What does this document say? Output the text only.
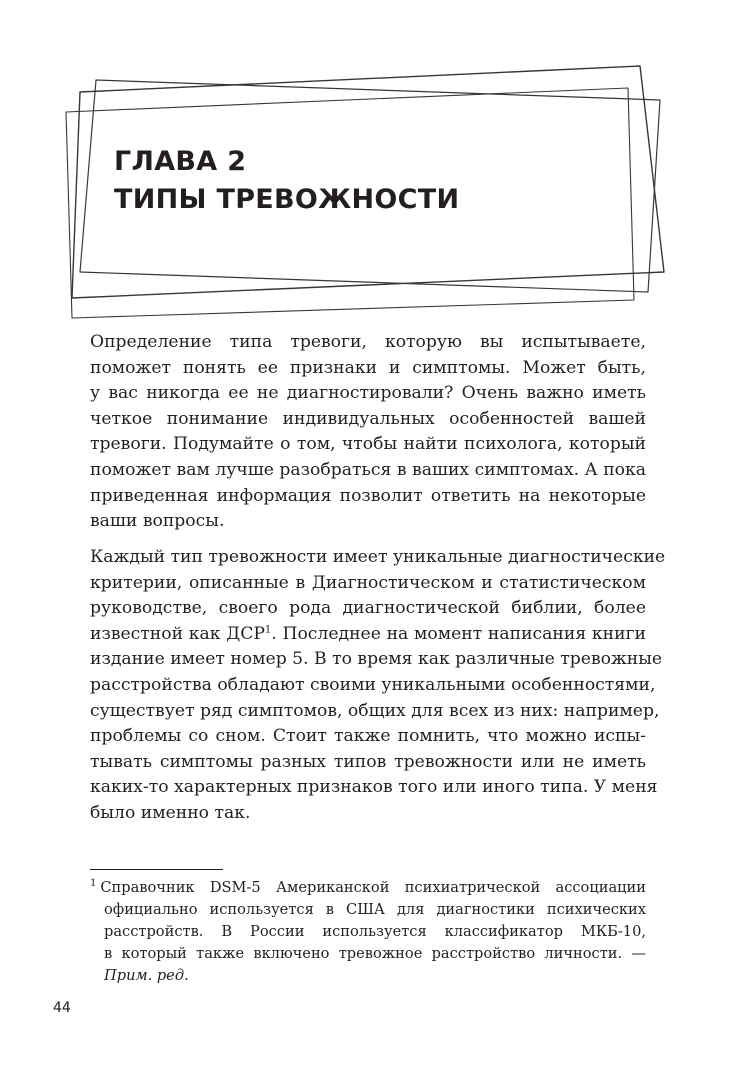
ГЛАВА 2
ТИПЫ ТРЕВОЖНОСТИ
Определение типа тревоги, которую вы испытываете,
поможет понять ее признаки и симптомы. Может быть,
у вас никогда ее не диагностировали? Очень важно иметь
четкое понимание индивидуальных особенностей вашей
тревоги. Подумайте о том, чтобы найти психолога, который
поможет вам лучше разобраться в ваших симптомах. А пока
приведенная информация позволит ответить на некоторые
ваши вопросы.
Каждый тип тревожности имеет уникальные диагностические
критерии, описанные в Диагностическом и статистическом
руководстве, своего рода диагностической библии, более
известной как ДСР$^1$. Последнее на момент написания книги
издание имеет номер 5. В то время как различные тревожные
расстройства обладают своими уникальными особенностями,
существует ряд симптомов, общих для всех из них: например,
проблемы со сном. Стоит также помнить, что можно испы-
тывать симптомы разных типов тревожности или не иметь
каких-то характерных признаков того или иного типа. У меня
было именно так.
$^1$ Справочник DSM-5 Американской психиатрической ассоциации
официально используется в США для диагностики психических
расстройств. В России используется классификатор МКБ-10,
в который также включено тревожное расстройство личности. —
Прим. ред.
44
